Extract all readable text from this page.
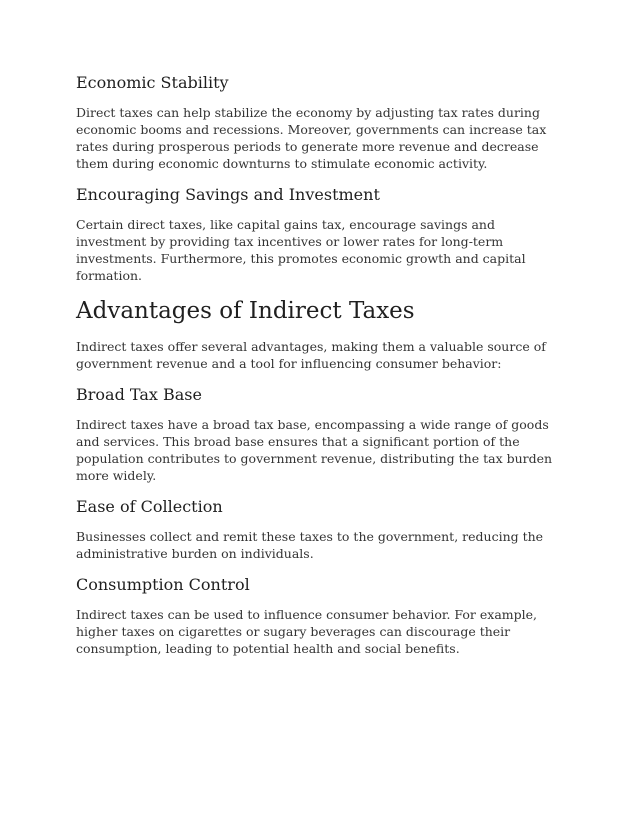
Economic Stability

Direct taxes can help stabilize the economy by adjusting tax rates during economic booms and recessions. Moreover, governments can increase tax rates during prosperous periods to generate more revenue and decrease them during economic downturns to stimulate economic activity.

Encouraging Savings and Investment

Certain direct taxes, like capital gains tax, encourage savings and investment by providing tax incentives or lower rates for long-term investments. Furthermore, this promotes economic growth and capital formation.

Advantages of Indirect Taxes

Indirect taxes offer several advantages, making them a valuable source of government revenue and a tool for influencing consumer behavior:

Broad Tax Base

Indirect taxes have a broad tax base, encompassing a wide range of goods and services. This broad base ensures that a significant portion of the population contributes to government revenue, distributing the tax burden more widely.

Ease of Collection

Businesses collect and remit these taxes to the government, reducing the administrative burden on individuals.

Consumption Control

Indirect taxes can be used to influence consumer behavior. For example, higher taxes on cigarettes or sugary beverages can discourage their consumption, leading to potential health and social benefits.
